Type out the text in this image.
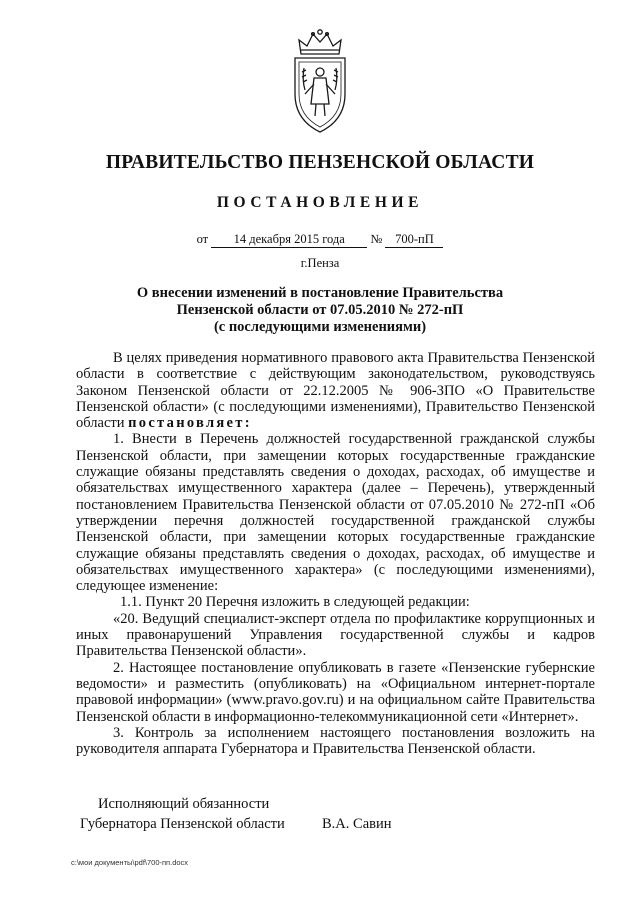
ПРАВИТЕЛЬСТВО ПЕНЗЕНСКОЙ ОБЛАСТИ
ПОСТАНОВЛЕНИЕ
от 14 декабря 2015 года № 700-пП
г.Пенза
О внесении изменений в постановление Правительства
Пензенской области от 07.05.2010 № 272-пП
(с последующими изменениями)

В целях приведения нормативного правового акта Правительства Пензенской области в соответствие с действующим законодательством, руководствуясь Законом Пензенской области от 22.12.2005 № 906-ЗПО «О Правительстве Пензенской области» (с последующими изменениями), Правительство Пензенской области постановляет:

1. Внести в Перечень должностей государственной гражданской службы Пензенской области, при замещении которых государственные гражданские служащие обязаны представлять сведения о доходах, расходах, об имуществе и обязательствах имущественного характера (далее – Перечень), утвержденный постановлением Правительства Пензенской области от 07.05.2010 № 272-пП «Об утверждении перечня должностей государственной гражданской службы Пензенской области, при замещении которых государственные гражданские служащие обязаны представлять сведения о доходах, расходах, об имуществе и обязательствах имущественного характера» (с последующими изменениями), следующее изменение:

1.1. Пункт 20 Перечня изложить в следующей редакции:

«20. Ведущий специалист-эксперт отдела по профилактике коррупционных и иных правонарушений Управления государственной службы и кадров Правительства Пензенской области».

2. Настоящее постановление опубликовать в газете «Пензенские губернские ведомости» и разместить (опубликовать) на «Официальном интернет-портале правовой информации» (www.pravo.gov.ru) и на официальном сайте Правительства Пензенской области в информационно-телекоммуникационной сети «Интернет».

3. Контроль за исполнением настоящего постановления возложить на руководителя аппарата Губернатора и Правительства Пензенской области.

Исполняющий обязанности
Губернатора Пензенской области	В.А. Савин
c:\мои документы\pdf\700-пп.docx
